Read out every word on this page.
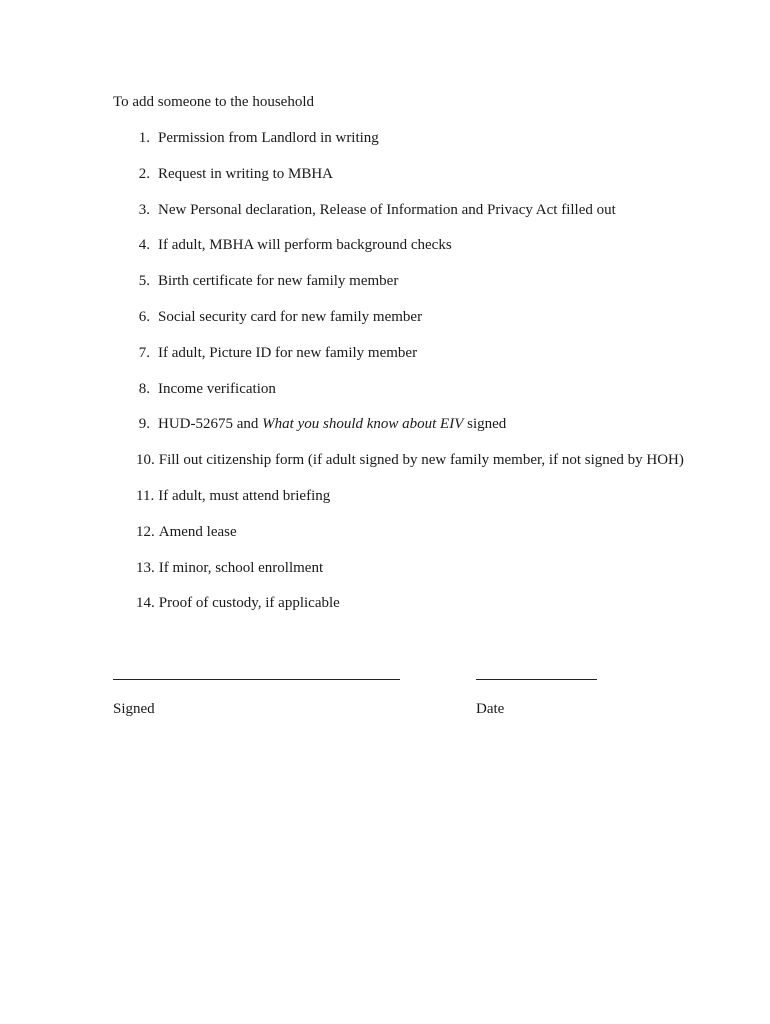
To add someone to the household
1. Permission from Landlord in writing
2. Request in writing to MBHA
3. New Personal declaration, Release of Information and Privacy Act filled out
4. If adult, MBHA will perform background checks
5. Birth certificate for new family member
6. Social security card for new family member
7. If adult, Picture ID for new family member
8. Income verification
9. HUD-52675 and What you should know about EIV signed
10. Fill out citizenship form (if adult signed by new family member, if not signed by HOH)
11. If adult, must attend briefing
12. Amend lease
13. If minor, school enrollment
14. Proof of custody, if applicable
Signed	Date
